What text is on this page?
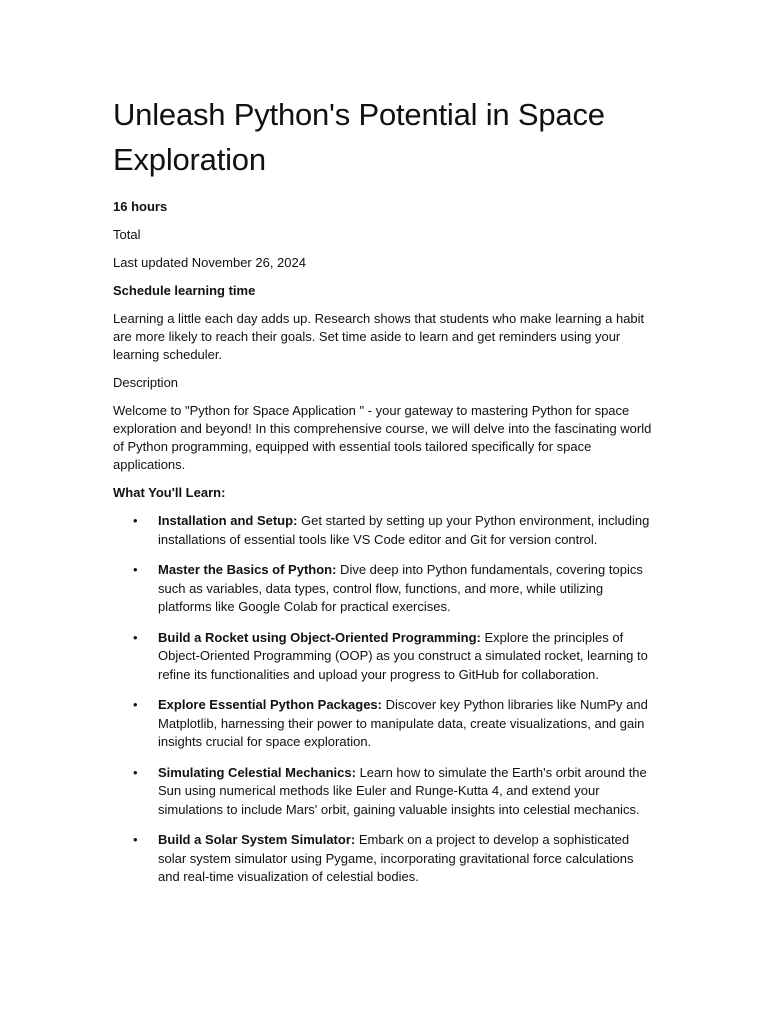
Unleash Python's Potential in Space Exploration

16 hours

Total

Last updated November 26, 2024

Schedule learning time

Learning a little each day adds up. Research shows that students who make learning a habit are more likely to reach their goals. Set time aside to learn and get reminders using your learning scheduler.

Description

Welcome to "Python for Space Application " - your gateway to mastering Python for space exploration and beyond! In this comprehensive course, we will delve into the fascinating world of Python programming, equipped with essential tools tailored specifically for space applications.

What You'll Learn:

• Installation and Setup: Get started by setting up your Python environment, including installations of essential tools like VS Code editor and Git for version control.
• Master the Basics of Python: Dive deep into Python fundamentals, covering topics such as variables, data types, control flow, functions, and more, while utilizing platforms like Google Colab for practical exercises.
• Build a Rocket using Object-Oriented Programming: Explore the principles of Object-Oriented Programming (OOP) as you construct a simulated rocket, learning to refine its functionalities and upload your progress to GitHub for collaboration.
• Explore Essential Python Packages: Discover key Python libraries like NumPy and Matplotlib, harnessing their power to manipulate data, create visualizations, and gain insights crucial for space exploration.
• Simulating Celestial Mechanics: Learn how to simulate the Earth's orbit around the Sun using numerical methods like Euler and Runge-Kutta 4, and extend your simulations to include Mars' orbit, gaining valuable insights into celestial mechanics.
• Build a Solar System Simulator: Embark on a project to develop a sophisticated solar system simulator using Pygame, incorporating gravitational force calculations and real-time visualization of celestial bodies.
